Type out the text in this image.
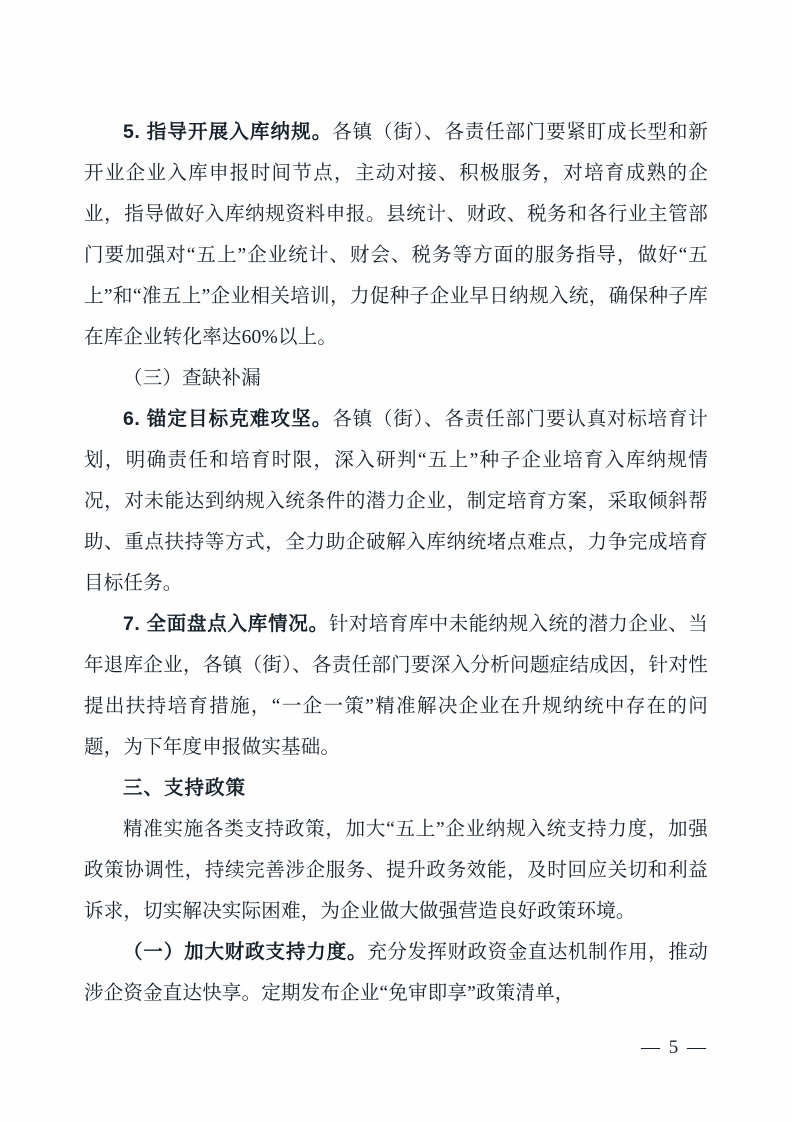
5. 指导开展入库纳规。各镇（街）、各责任部门要紧盯成长型和新开业企业入库申报时间节点，主动对接、积极服务，对培育成熟的企业，指导做好入库纳规资料申报。县统计、财政、税务和各行业主管部门要加强对“五上”企业统计、财会、税务等方面的服务指导，做好“五上”和“准五上”企业相关培训，力促种子企业早日纳规入统，确保种子库在库企业转化率达60%以上。

（三）查缺补漏

6. 锚定目标克难攻坚。各镇（街）、各责任部门要认真对标培育计划，明确责任和培育时限，深入研判“五上”种子企业培育入库纳规情况，对未能达到纳规入统条件的潜力企业，制定培育方案，采取倾斜帮助、重点扶持等方式，全力助企破解入库纳统堵点难点，力争完成培育目标任务。

7. 全面盘点入库情况。针对培育库中未能纳规入统的潜力企业、当年退库企业，各镇（街）、各责任部门要深入分析问题症结成因，针对性提出扶持培育措施，“一企一策”精准解决企业在升规纳统中存在的问题，为下年度申报做实基础。

三、支持政策

精准实施各类支持政策，加大“五上”企业纳规入统支持力度，加强政策协调性，持续完善涉企服务、提升政务效能，及时回应关切和利益诉求，切实解决实际困难，为企业做大做强营造良好政策环境。

（一）加大财政支持力度。充分发挥财政资金直达机制作用，推动涉企资金直达快享。定期发布企业“免审即享”政策清单，

— 5 —
